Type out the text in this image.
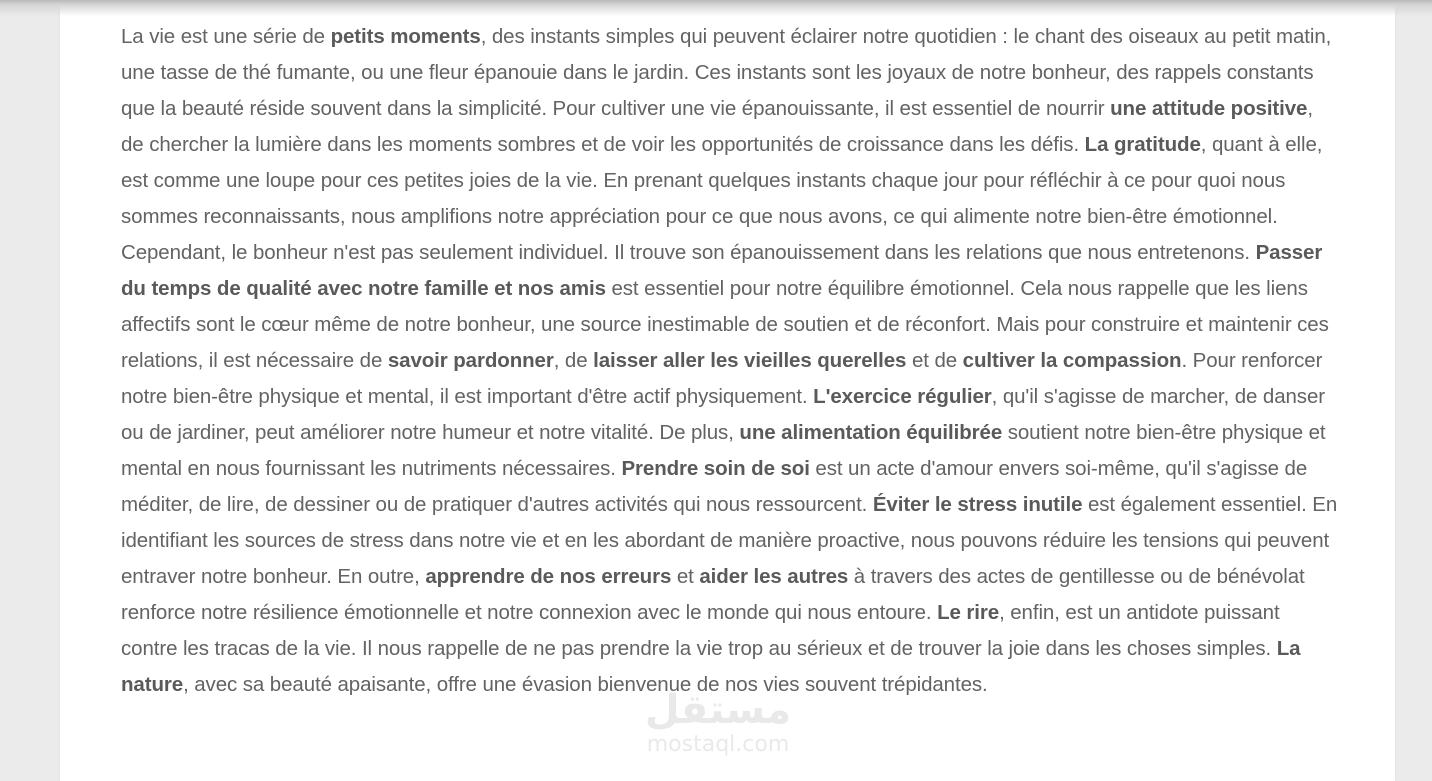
La vie est une série de petits moments, des instants simples qui peuvent éclairer notre quotidien : le chant des oiseaux au petit matin, une tasse de thé fumante, ou une fleur épanouie dans le jardin. Ces instants sont les joyaux de notre bonheur, des rappels constants que la beauté réside souvent dans la simplicité. Pour cultiver une vie épanouissante, il est essentiel de nourrir une attitude positive, de chercher la lumière dans les moments sombres et de voir les opportunités de croissance dans les défis. La gratitude, quant à elle, est comme une loupe pour ces petites joies de la vie. En prenant quelques instants chaque jour pour réfléchir à ce pour quoi nous sommes reconnaissants, nous amplifions notre appréciation pour ce que nous avons, ce qui alimente notre bien-être émotionnel. Cependant, le bonheur n'est pas seulement individuel. Il trouve son épanouissement dans les relations que nous entretenons. Passer du temps de qualité avec notre famille et nos amis est essentiel pour notre équilibre émotionnel. Cela nous rappelle que les liens affectifs sont le cœur même de notre bonheur, une source inestimable de soutien et de réconfort. Mais pour construire et maintenir ces relations, il est nécessaire de savoir pardonner, de laisser aller les vieilles querelles et de cultiver la compassion. Pour renforcer notre bien-être physique et mental, il est important d'être actif physiquement. L'exercice régulier, qu'il s'agisse de marcher, de danser ou de jardiner, peut améliorer notre humeur et notre vitalité. De plus, une alimentation équilibrée soutient notre bien-être physique et mental en nous fournissant les nutriments nécessaires. Prendre soin de soi est un acte d'amour envers soi-même, qu'il s'agisse de méditer, de lire, de dessiner ou de pratiquer d'autres activités qui nous ressourcent. Éviter le stress inutile est également essentiel. En identifiant les sources de stress dans notre vie et en les abordant de manière proactive, nous pouvons réduire les tensions qui peuvent entraver notre bonheur. En outre, apprendre de nos erreurs et aider les autres à travers des actes de gentillesse ou de bénévolat renforce notre résilience émotionnelle et notre connexion avec le monde qui nous entoure. Le rire, enfin, est un antidote puissant contre les tracas de la vie. Il nous rappelle de ne pas prendre la vie trop au sérieux et de trouver la joie dans les choses simples. La nature, avec sa beauté apaisante, offre une évasion bienvenue de nos vies souvent trépidantes.
